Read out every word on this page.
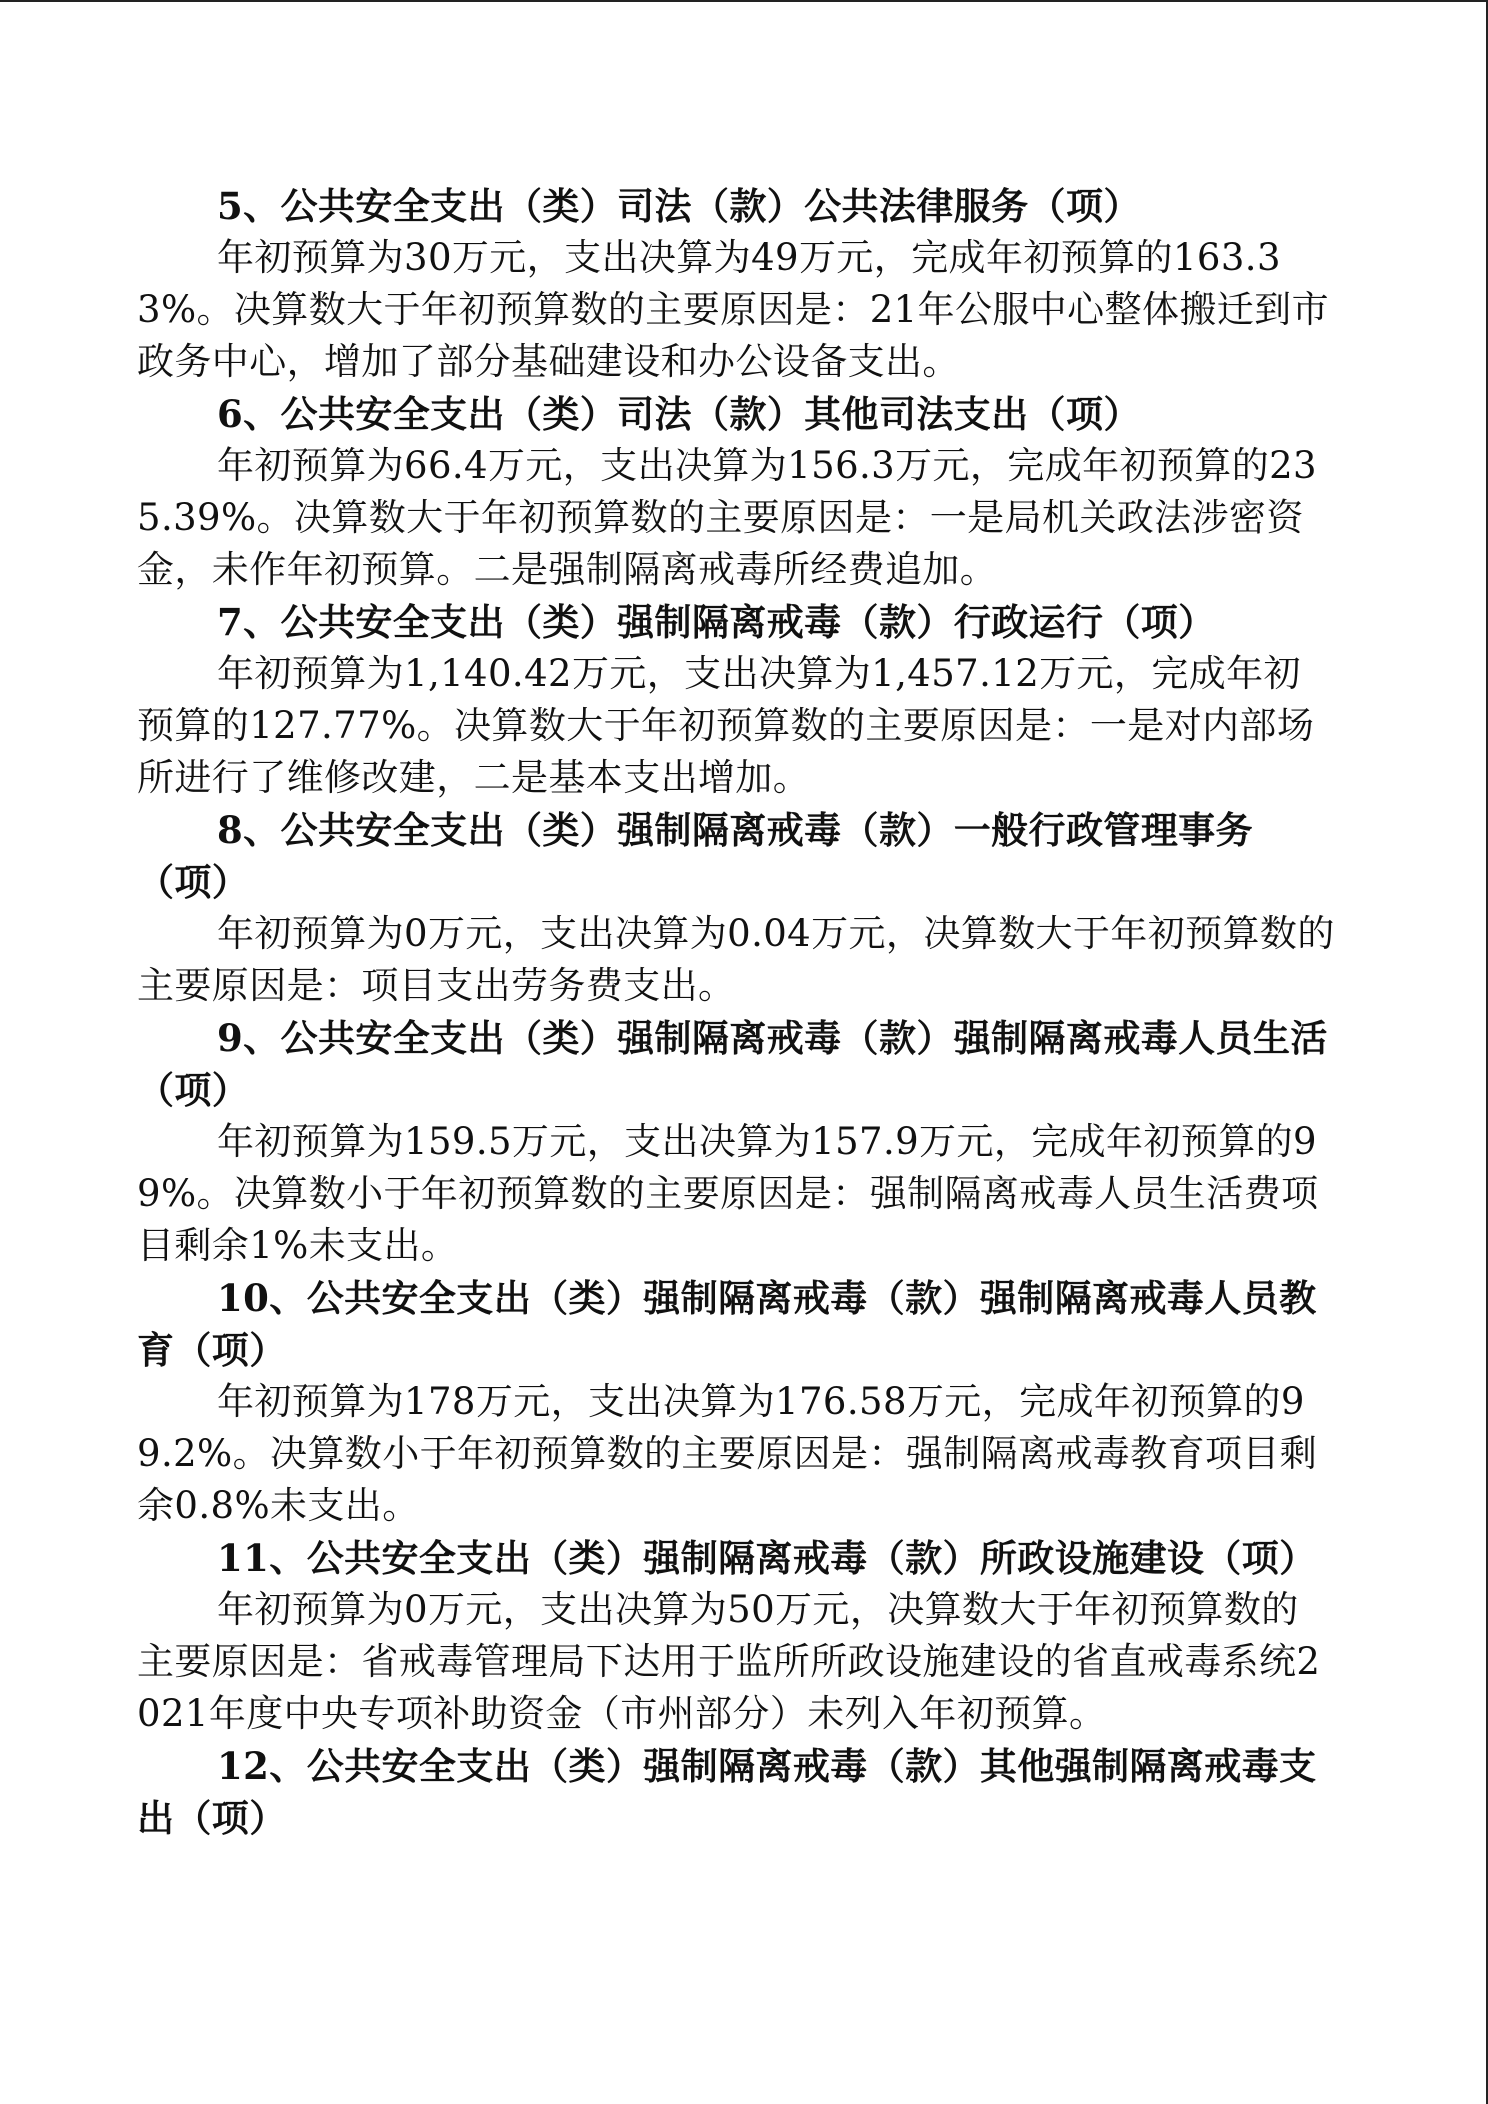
5、公共安全支出（类）司法（款）公共法律服务（项）

年初预算为30万元，支出决算为49万元，完成年初预算的163.33%。决算数大于年初预算数的主要原因是：21年公服中心整体搬迁到市政务中心，增加了部分基础建设和办公设备支出。

6、公共安全支出（类）司法（款）其他司法支出（项）

年初预算为66.4万元，支出决算为156.3万元，完成年初预算的235.39%。决算数大于年初预算数的主要原因是：一是局机关政法涉密资金，未作年初预算。二是强制隔离戒毒所经费追加。

7、公共安全支出（类）强制隔离戒毒（款）行政运行（项）

年初预算为1,140.42万元，支出决算为1,457.12万元，完成年初预算的127.77%。决算数大于年初预算数的主要原因是：一是对内部场所进行了维修改建，二是基本支出增加。

8、公共安全支出（类）强制隔离戒毒（款）一般行政管理事务（项）

年初预算为0万元，支出决算为0.04万元，决算数大于年初预算数的主要原因是：项目支出劳务费支出。

9、公共安全支出（类）强制隔离戒毒（款）强制隔离戒毒人员生活（项）

年初预算为159.5万元，支出决算为157.9万元，完成年初预算的99%。决算数小于年初预算数的主要原因是：强制隔离戒毒人员生活费项目剩余1%未支出。

10、公共安全支出（类）强制隔离戒毒（款）强制隔离戒毒人员教育（项）

年初预算为178万元，支出决算为176.58万元，完成年初预算的99.2%。决算数小于年初预算数的主要原因是：强制隔离戒毒教育项目剩余0.8%未支出。

11、公共安全支出（类）强制隔离戒毒（款）所政设施建设（项）

年初预算为0万元，支出决算为50万元，决算数大于年初预算数的主要原因是：省戒毒管理局下达用于监所所政设施建设的省直戒毒系统2021年度中央专项补助资金（市州部分）未列入年初预算。

12、公共安全支出（类）强制隔离戒毒（款）其他强制隔离戒毒支出（项）
